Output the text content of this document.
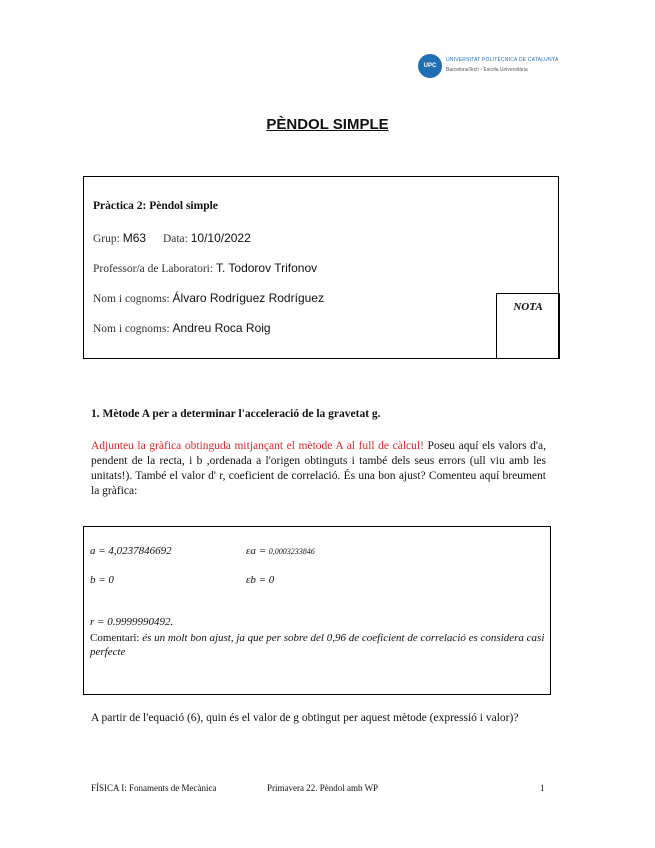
UPC
UNIVERSITAT POLITÈCNICA DE CATALUNYA
BarcelonaTech · Escola Universitària
PÈNDOL SIMPLE
Pràctica 2: Pèndol simple
Grup: M63 Data: 10/10/2022
Professor/a de Laboratori: T. Todorov Trifonov
Nom i cognoms: Álvaro Rodríguez Rodríguez
Nom i cognoms: Andreu Roca Roig
NOTA
1. Mètode A per a determinar l'acceleració de la gravetat g.
Adjunteu la gràfica obtinguda mitjançant el mètode A al full de càlcul! Poseu aquí els valors d'a, pendent de la recta, i b ,ordenada a l'origen obtinguts i també dels seus errors (ull viu amb les unitats!). També el valor d' r, coeficient de correlació. És una bon ajust? Comenteu aquí breument la gràfica:
a = 4,0237846692	εa = 0,0003233846
b = 0	εb = 0
r = 0.9999990492.
Comentari: és un molt bon ajust, ja que per sobre del 0,96 de coeficient de correlació es considera casi perfecte
A partir de l'equació (6), quin és el valor de g obtingut per aquest mètode (expressió i valor)?
FÍSICA I: Fonaments de Mecànica	Primavera 22. Pèndol amb WP	1
